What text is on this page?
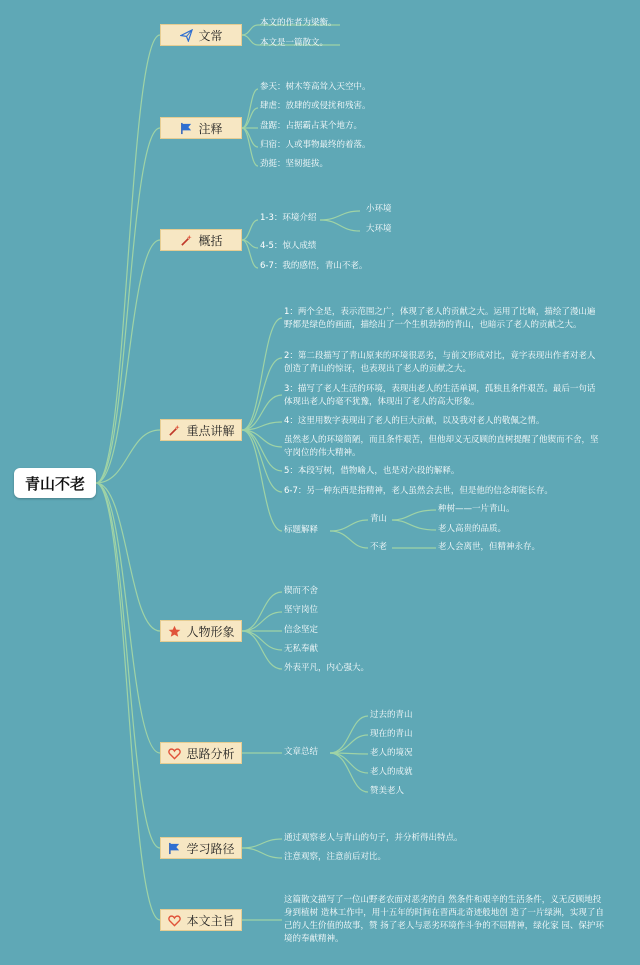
青山不老
文常
注释
概括
重点讲解
人物形象
思路分析
学习路径
本文主旨
本文的作者为梁衡。
本文是一篇散文。
参天：树木等高耸入天空中。
肆虐：放肆的或侵扰和残害。
盘踞：占据霸占某个地方。
归宿：人或事物最终的着落。
劲挺：坚韧挺拔。
1-3：环境介绍
小环境
大环境
4-5：惊人成绩
6-7：我的感悟，青山不老。
1：两个全是，表示范围之广，体现了老人的贡献之大。运用了比喻，描绘了漫山遍野都是绿色的画面，描绘出了一个生机勃勃的青山，也暗示了老人的贡献之大。
2：第二段描写了青山原来的环境很恶劣，与前文形成对比，竟字表现出作者对老人创造了青山的惊讶，也表现出了老人的贡献之大。
3：描写了老人生活的环境，表现出老人的生活单调，孤独且条件艰苦。最后一句话体现出老人的毫不犹豫，体现出了老人的高大形象。
4：这里用数字表现出了老人的巨大贡献，以及我对老人的敬佩之情。
虽然老人的环境简陋，而且条件艰苦，但他却义无反顾的直树提醒了他锲而不舍，坚守岗位的伟大精神。
5：本段写树，借物喻人，也是对六段的解释。
6-7：另一种东西是指精神，老人虽然会去世，但是他的信念却能长存。
标题解释
青山
种树——一片青山。
老人高贵的品质。
不老	老人会离世，但精神永存。
锲而不舍
坚守岗位
信念坚定
无私奉献
外表平凡，内心强大。
文章总结
过去的青山
现在的青山
老人的境况
老人的成就
赞美老人
通过观察老人与青山的句子，并分析得出特点。
注意观察，注意前后对比。
这篇散文描写了一位山野老农面对恶劣的自 然条件和艰辛的生活条件，义无反顾地投身到植树 造林工作中，用十五年的时间在晋西北奇迹般地创 造了一片绿洲，实现了自己的人生价值的故事，赞 扬了老人与恶劣环境作斗争的不屈精神，绿化家 园、保护环境的奉献精神。
